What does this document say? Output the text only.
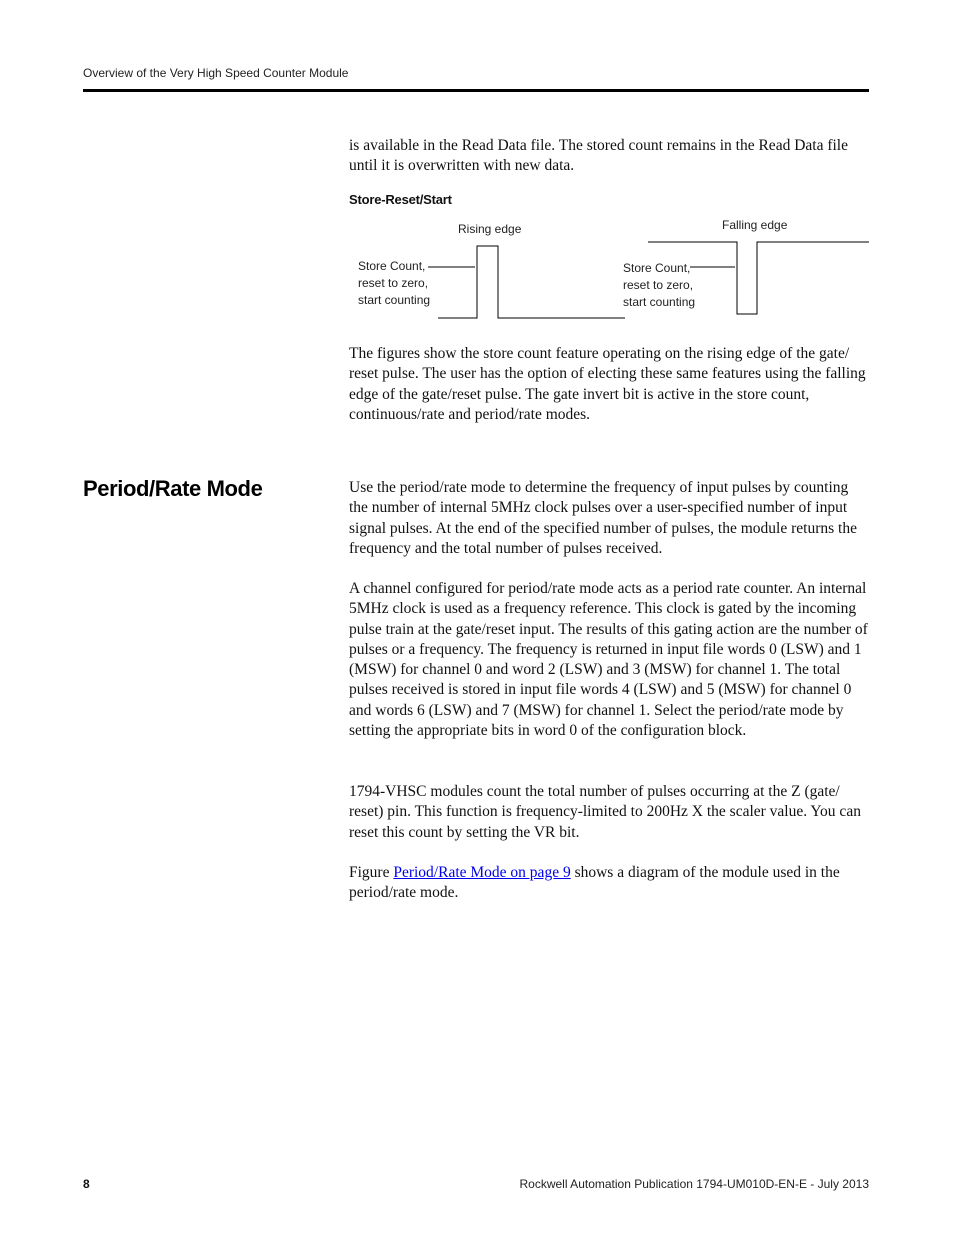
Overview of the Very High Speed Counter Module

is available in the Read Data file. The stored count remains in the Read Data file until it is overwritten with new data.

Store-Reset/Start
Rising edge
Store Count,
reset to zero,
start counting
Falling edge
Store Count,
reset to zero,
start counting

The figures show the store count feature operating on the rising edge of the gate/ reset pulse. The user has the option of electing these same features using the falling edge of the gate/reset pulse. The gate invert bit is active in the store count, continuous/rate and period/rate modes.

Period/Rate Mode	Use the period/rate mode to determine the frequency of input pulses by counting the number of internal 5MHz clock pulses over a user-specified number of input signal pulses. At the end of the specified number of pulses, the module returns the frequency and the total number of pulses received.

A channel configured for period/rate mode acts as a period rate counter. An internal 5MHz clock is used as a frequency reference. This clock is gated by the incoming pulse train at the gate/reset input. The results of this gating action are the number of pulses or a frequency. The frequency is returned in input file words 0 (LSW) and 1 (MSW) for channel 0 and word 2 (LSW) and 3 (MSW) for channel 1. The total pulses received is stored in input file words 4 (LSW) and 5 (MSW) for channel 0 and words 6 (LSW) and 7 (MSW) for channel 1. Select the period/rate mode by setting the appropriate bits in word 0 of the configuration block.

1794-VHSC modules count the total number of pulses occurring at the Z (gate/ reset) pin. This function is frequency-limited to 200Hz X the scaler value. You can reset this count by setting the VR bit.

Figure Period/Rate Mode on page 9 shows a diagram of the module used in the period/rate mode.

8	Rockwell Automation Publication 1794-UM010D-EN-E - July 2013
